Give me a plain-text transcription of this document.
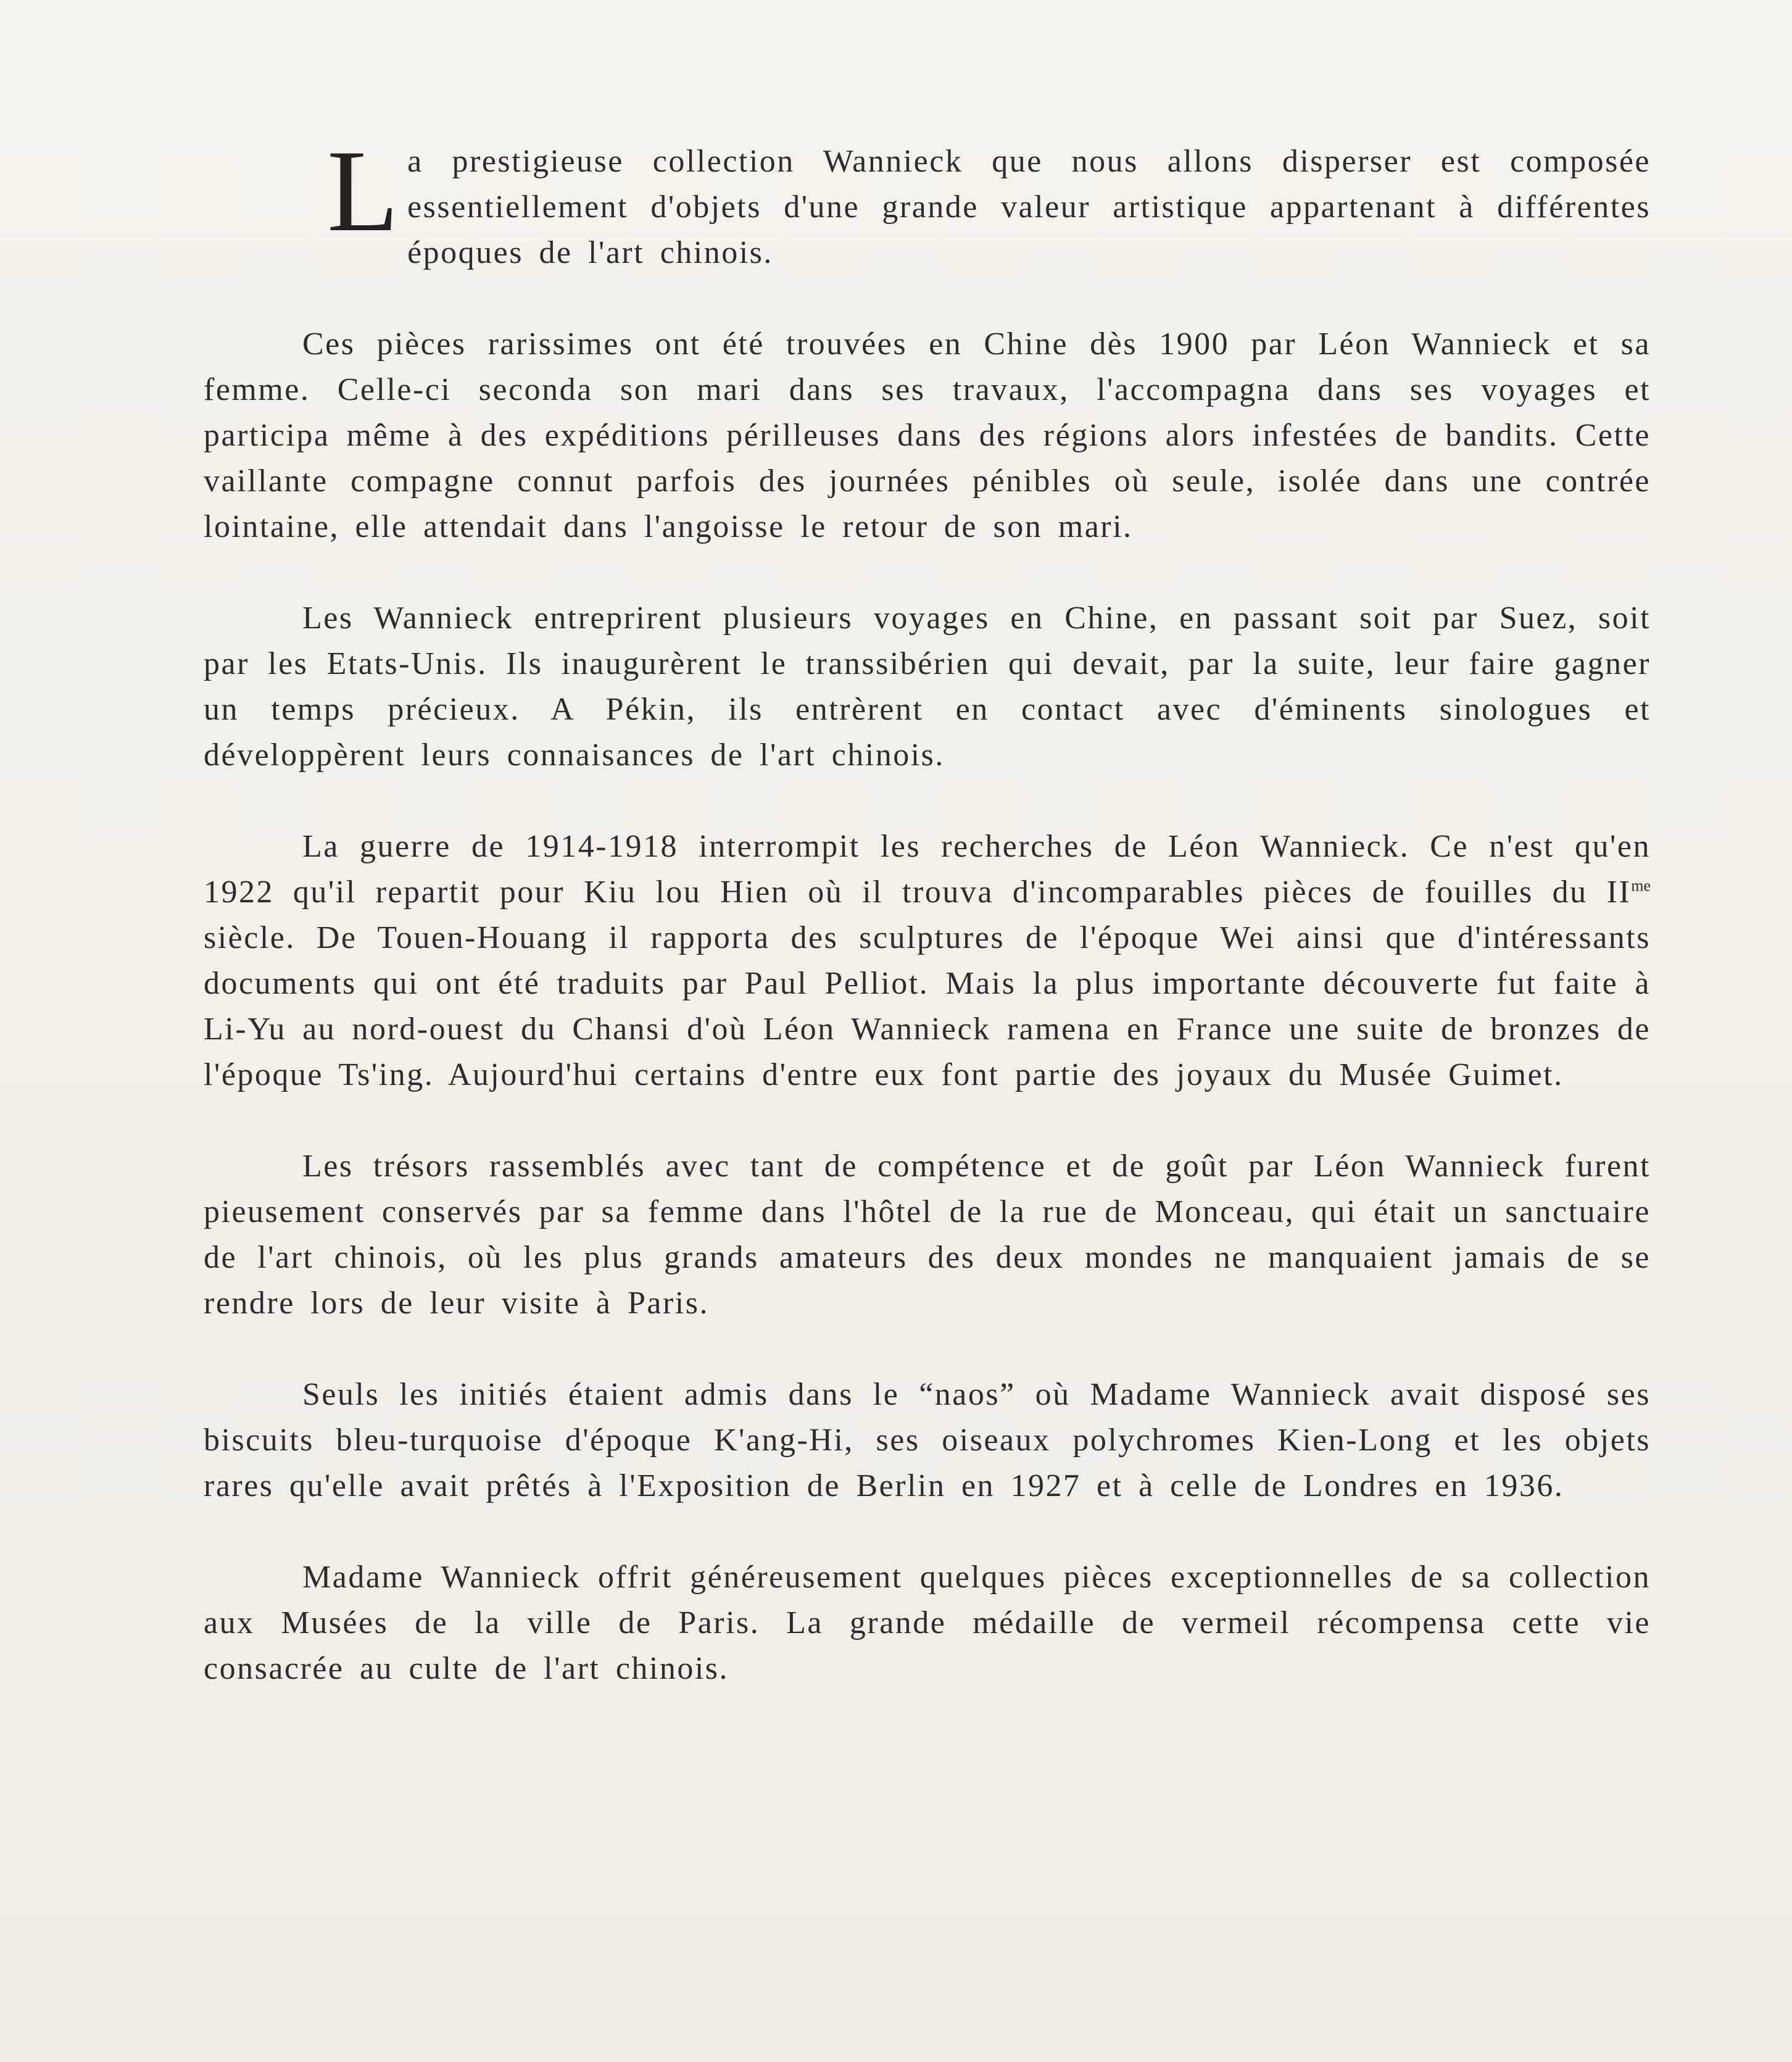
La prestigieuse collection Wannieck que nous allons disperser est composée essentiellement d'objets d'une grande valeur artistique appartenant à différentes époques de l'art chinois.

Ces pièces rarissimes ont été trouvées en Chine dès 1900 par Léon Wannieck et sa femme. Celle-ci seconda son mari dans ses travaux, l'accompagna dans ses voyages et participa même à des expéditions périlleuses dans des régions alors infestées de bandits. Cette vaillante compagne connut parfois des journées pénibles où seule, isolée dans une contrée lointaine, elle attendait dans l'angoisse le retour de son mari.

Les Wannieck entreprirent plusieurs voyages en Chine, en passant soit par Suez, soit par les Etats-Unis. Ils inaugurèrent le transsibérien qui devait, par la suite, leur faire gagner un temps précieux. A Pékin, ils entrèrent en contact avec d'éminents sinologues et développèrent leurs connaisances de l'art chinois.

La guerre de 1914-1918 interrompit les recherches de Léon Wannieck. Ce n'est qu'en 1922 qu'il repartit pour Kiu lou Hien où il trouva d'incomparables pièces de fouilles du $II^{me}$ siècle. De Touen-Houang il rapporta des sculptures de l'époque Wei ainsi que d'intéressants documents qui ont été traduits par Paul Pelliot. Mais la plus importante découverte fut faite à Li-Yu au nord-ouest du Chansi d'où Léon Wannieck ramena en France une suite de bronzes de l'époque Ts'ing. Aujourd'hui certains d'entre eux font partie des joyaux du Musée Guimet.

Les trésors rassemblés avec tant de compétence et de goût par Léon Wannieck furent pieusement conservés par sa femme dans l'hôtel de la rue de Monceau, qui était un sanctuaire de l'art chinois, où les plus grands amateurs des deux mondes ne manquaient jamais de se rendre lors de leur visite à Paris.

Seuls les initiés étaient admis dans le “naos” où Madame Wannieck avait disposé ses biscuits bleu-turquoise d'époque K'ang-Hi, ses oiseaux polychromes Kien-Long et les objets rares qu'elle avait prêtés à l'Exposition de Berlin en 1927 et à celle de Londres en 1936.

Madame Wannieck offrit généreusement quelques pièces exceptionnelles de sa collection aux Musées de la ville de Paris. La grande médaille de vermeil récompensa cette vie consacrée au culte de l'art chinois.
